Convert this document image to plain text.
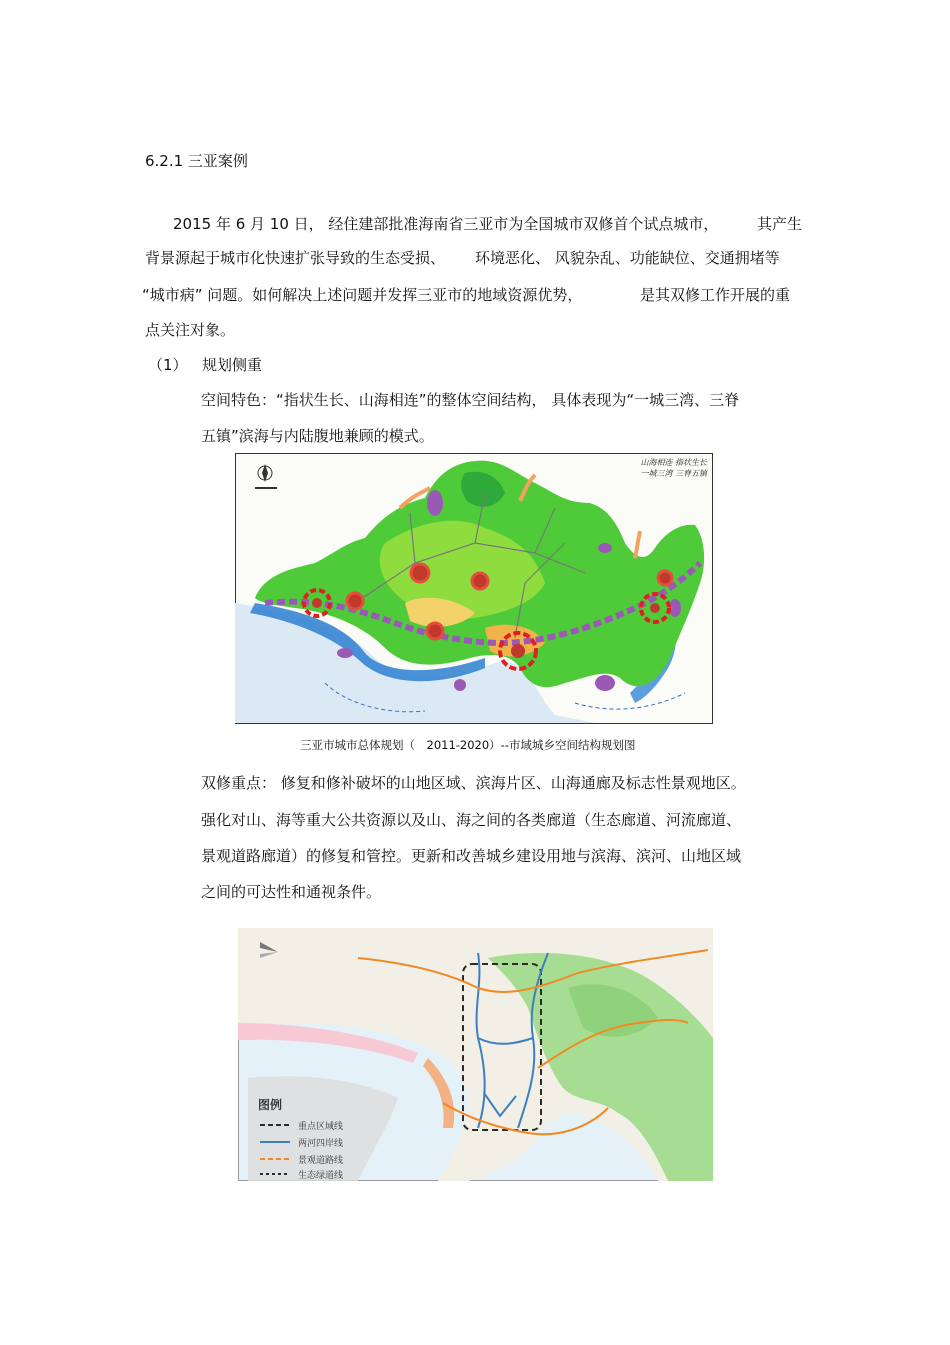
6.2.1 三亚案例
2015 年 6 月 10 日， 经住建部批准海南省三亚市为全国城市双修首个试点城市，	其产生
背景源起于城市化快速扩张导致的生态受损、 环境恶化、 风貌杂乱、功能缺位、交通拥堵等
“城市病” 问题。如何解决上述问题并发挥三亚市的地域资源优势，	是其双修工作开展的重
点关注对象。
（1） 规划侧重
空间特色：“指状生长、山海相连”的整体空间结构， 具体表现为“一城三湾、三脊
五镇”滨海与内陆腹地兼顾的模式。
山海相连 指状生长
一城三湾 三脊五镇
三亚市城市总体规划（　2011-2020）--市域城乡空间结构规划图
双修重点： 修复和修补破坏的山地区域、滨海片区、山海通廊及标志性景观地区。
强化对山、海等重大公共资源以及山、海之间的各类廊道（生态廊道、河流廊道、
景观道路廊道）的修复和管控。更新和改善城乡建设用地与滨海、滨河、山地区域
之间的可达性和通视条件。
图例
重点区域线
两河四岸线
景观道路线
生态绿道线
